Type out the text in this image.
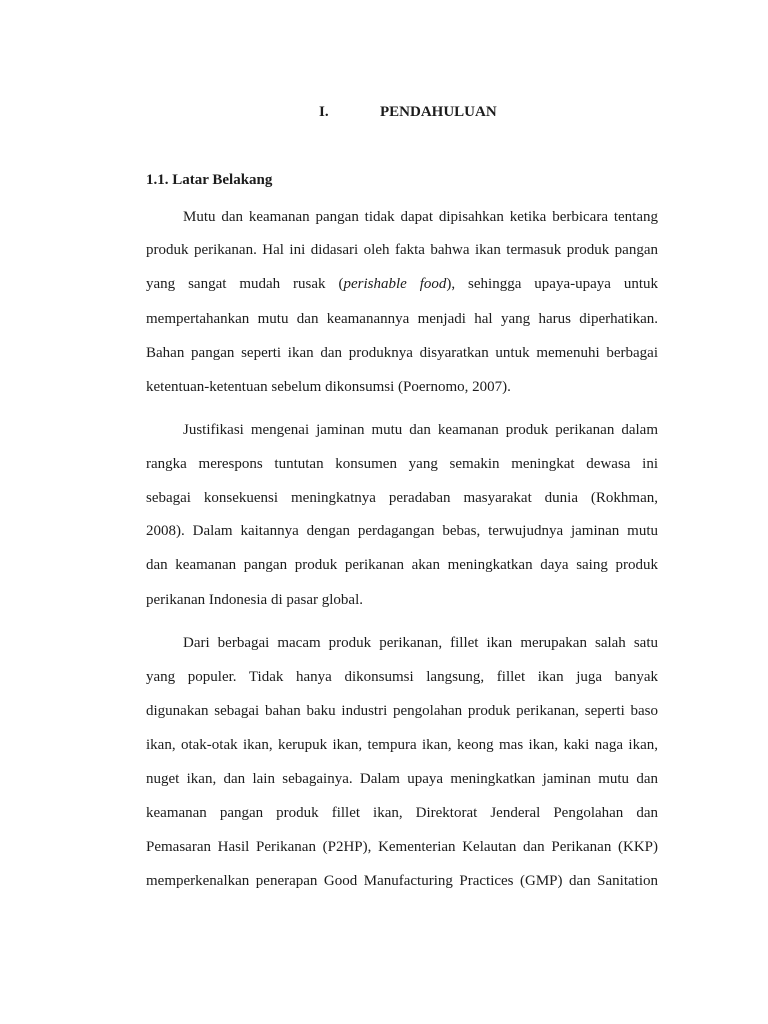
I.	PENDAHULUAN
1.1. Latar Belakang
Mutu dan keamanan pangan tidak dapat dipisahkan ketika berbicara tentang
produk perikanan. Hal ini didasari oleh fakta bahwa ikan termasuk produk pangan
yang sangat mudah rusak (perishable food), sehingga upaya-upaya untuk
mempertahankan mutu dan keamanannya menjadi hal yang harus diperhatikan.
Bahan pangan seperti ikan dan produknya disyaratkan untuk memenuhi berbagai
ketentuan-ketentuan sebelum dikonsumsi (Poernomo, 2007).
Justifikasi mengenai jaminan mutu dan keamanan produk perikanan dalam
rangka merespons tuntutan konsumen yang semakin meningkat dewasa ini
sebagai konsekuensi meningkatnya peradaban masyarakat dunia (Rokhman,
2008). Dalam kaitannya dengan perdagangan bebas, terwujudnya jaminan mutu
dan keamanan pangan produk perikanan akan meningkatkan daya saing produk
perikanan Indonesia di pasar global.
Dari berbagai macam produk perikanan, fillet ikan merupakan salah satu
yang populer. Tidak hanya dikonsumsi langsung, fillet ikan juga banyak
digunakan sebagai bahan baku industri pengolahan produk perikanan, seperti baso
ikan, otak-otak ikan, kerupuk ikan, tempura ikan, keong mas ikan, kaki naga ikan,
nuget ikan, dan lain sebagainya. Dalam upaya meningkatkan jaminan mutu dan
keamanan pangan produk fillet ikan, Direktorat Jenderal Pengolahan dan
Pemasaran Hasil Perikanan (P2HP), Kementerian Kelautan dan Perikanan (KKP)
memperkenalkan penerapan Good Manufacturing Practices (GMP) dan Sanitation
